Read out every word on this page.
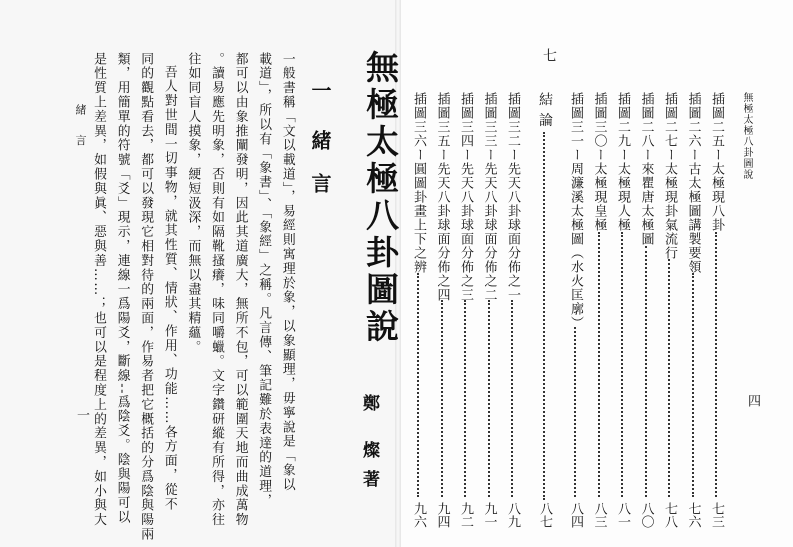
無極太極八卦圖說
四
插圖二五ー太極現八卦
七三
插圖二六ー古太極圖講製要領
七六
插圖二七ー太極現卦氣流行
七八
插圖二八ー來瞿唐太極圖
八〇
插圖二九ー太極現人極
八一
插圖三〇ー太極現皇極
八三
插圖三一ー周濂溪太極圖（水火匡廓）
八四
七
結 論
八七
插圖三二ー先天八卦球面分佈之一
八九
插圖三三ー先天八卦球面分佈之二
九一
插圖三四ー先天八卦球面分佈之三
九二
插圖三五ー先天八卦球面分佈之四
九四
插圖三六ー圓圖卦畫上下之辨
九六
無極太極八卦圖說
鄭 燦著
一緒 言
一般書稱「文以載道」，易經則寓理於象，以象顯理，毋寧說是「象以
載道」，所以有「象書」、「象經」之稱。凡言傳、筆記難於表達的道理，
都可以由象推闡發明，因此其道廣大，無所不包，可以範圍天地而曲成萬物
。讀易應先明象，否則有如隔靴搔癢，味同嚼蠟。文字鑽研縱有所得，亦往
往如同盲人摸象，綆短汲深，而無以盡其精蘊。
吾人對世間一切事物，就其性質、情狀、作用、功能……各方面，從不
同的觀點看去，都可以發現它相對待的兩面，作易者把它概括的分爲陰與陽兩
類，用簡單的符號「爻」現示，連線一爲陽爻，斷線--爲陰爻。陰與陽可以
是性質上差異，如假與眞、惡與善……；也可以是程度上的差異，如小與大
緒 言
一
